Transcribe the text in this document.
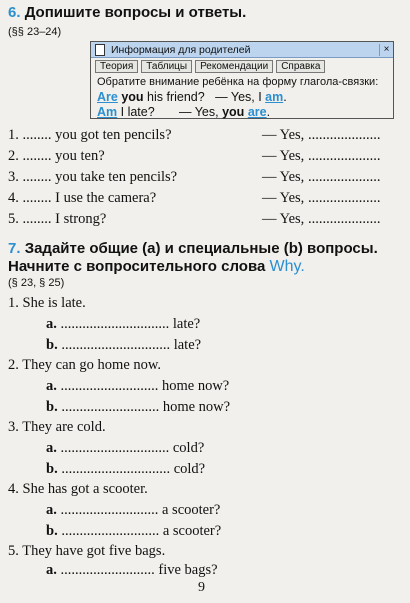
6. Допишите вопросы и ответы.
(§§ 23–24)
Информация для родителей	×
Теория	Таблицы	Рекомендации	Справка
Обратите внимание ребёнка на форму глагола-связки:
Are you his friend? — Yes, I am.
Am I late? — Yes, you are.
1. ........ you got ten pencils?	— Yes, ....................
2. ........ you ten?	— Yes, ....................
3. ........ you take ten pencils?	— Yes, ....................
4. ........ I use the camera?	— Yes, ....................
5. ........ I strong?	— Yes, ....................
7. Задайте общие (а) и специальные (b) вопросы.
Начните с вопросительного слова Why.
(§ 23, § 25)
1. She is late.
a. .............................. late?
b. .............................. late?
2. They can go home now.
a. ........................... home now?
b. ........................... home now?
3. They are cold.
a. .............................. cold?
b. .............................. cold?
4. She has got a scooter.
a. ........................... a scooter?
b. ........................... a scooter?
5. They have got five bags.
a. .......................... five bags?
9
